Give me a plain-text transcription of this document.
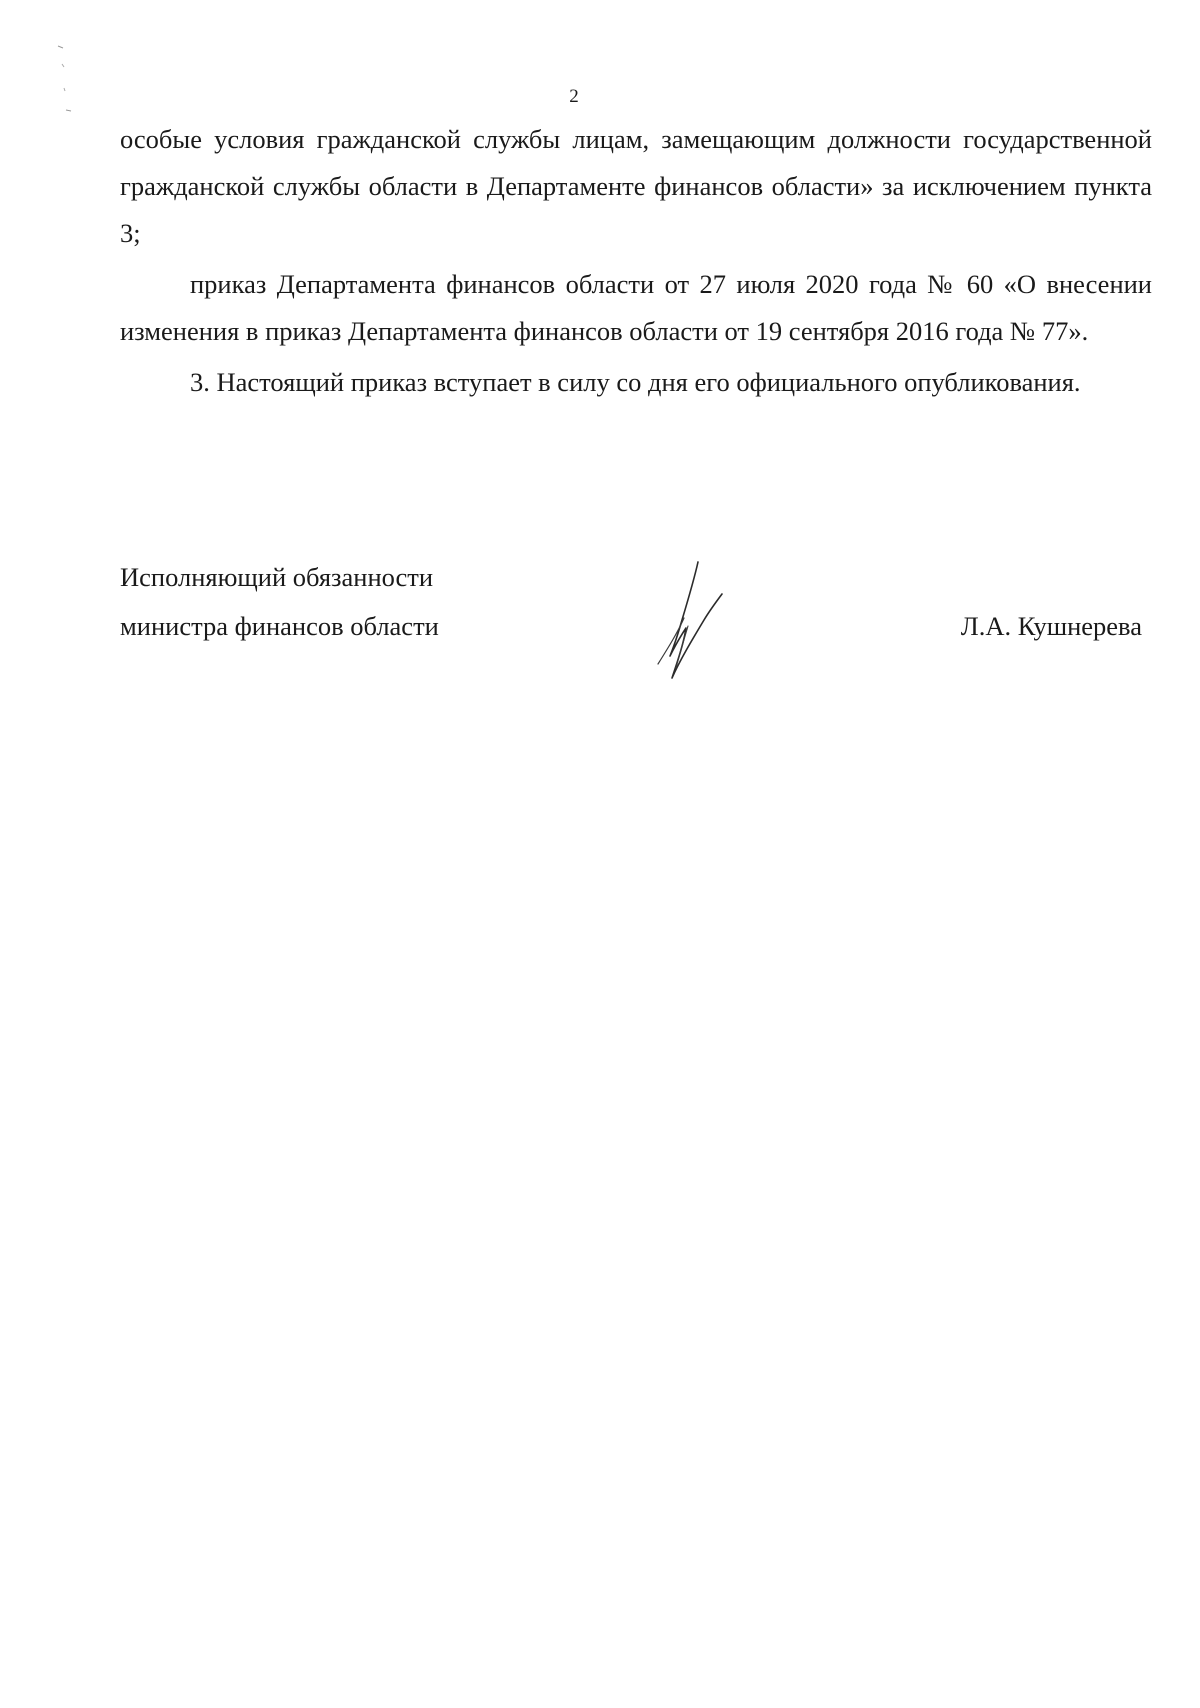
2

особые условия гражданской службы лицам, замещающим должности государственной гражданской службы области в Департаменте финансов области» за исключением пункта 3;

приказ Департамента финансов области от 27 июля 2020 года № 60 «О внесении изменения в приказ Департамента финансов области от 19 сентября 2016 года № 77».

3. Настоящий приказ вступает в силу со дня его официального опубликования.

Исполняющий обязанности
министра финансов области	Л.А. Кушнерева
